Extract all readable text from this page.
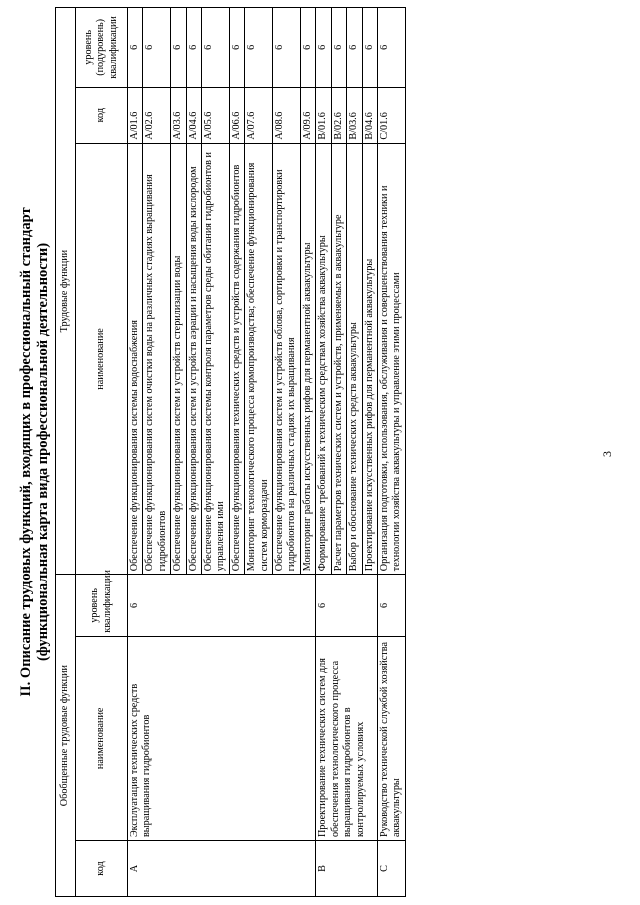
3
II. Описание трудовых функций, входящих в профессиональный стандарт (функциональная карта вида профессиональной деятельности)
Обобщенные трудовые функции			Трудовые функции		
код	наименование	уровень квалификации	наименование	код	уровень (подуровень) квалификации
A	Эксплуатация технических средств выращивания гидробионтов	6	Обеспечение функционирования системы водоснабжения	A/01.6	6
			Обеспечение функционирования систем очистки воды на различных стадиях выращивания гидробионтов	A/02.6	6
			Обеспечение функционирования систем и устройств стерилизации воды	A/03.6	6
			Обеспечение функционирования систем и устройств аэрации и насыщения воды кислородом	A/04.6	6
			Обеспечение функционирования системы контроля параметров среды обитания гидробионтов и управления ими	A/05.6	6
			Обеспечение функционирования технических средств и устройств содержания гидробионтов	A/06.6	6
			Мониторинг технологического процесса кормопроизводства; обеспечение функционирования систем кормораздачи	A/07.6	6
			Обеспечение функционирования систем и устройств облова, сортировки и транспортировки гидробионтов на различных стадиях их выращивания	A/08.6	6
			Мониторинг работы искусственных рифов для перманентной аквакультуры	A/09.6	6
B	Проектирование технических систем для обеспечения технологического процесса выращивания гидробионтов в контролируемых условиях	6	Формирование требований к техническим средствам хозяйства аквакультуры	B/01.6	6
			Расчет параметров технических систем и устройств, применяемых в аквакультуре	B/02.6	6
			Выбор и обоснование технических средств аквакультуры	B/03.6	6
			Проектирование искусственных рифов для перманентной аквакультуры	B/04.6	6
C	Руководство технической службой хозяйства аквакультуры	6	Организация подготовки, использования, обслуживания и совершенствования техники и технологии хозяйства аквакультуры и управление этими процессами	C/01.6	6
